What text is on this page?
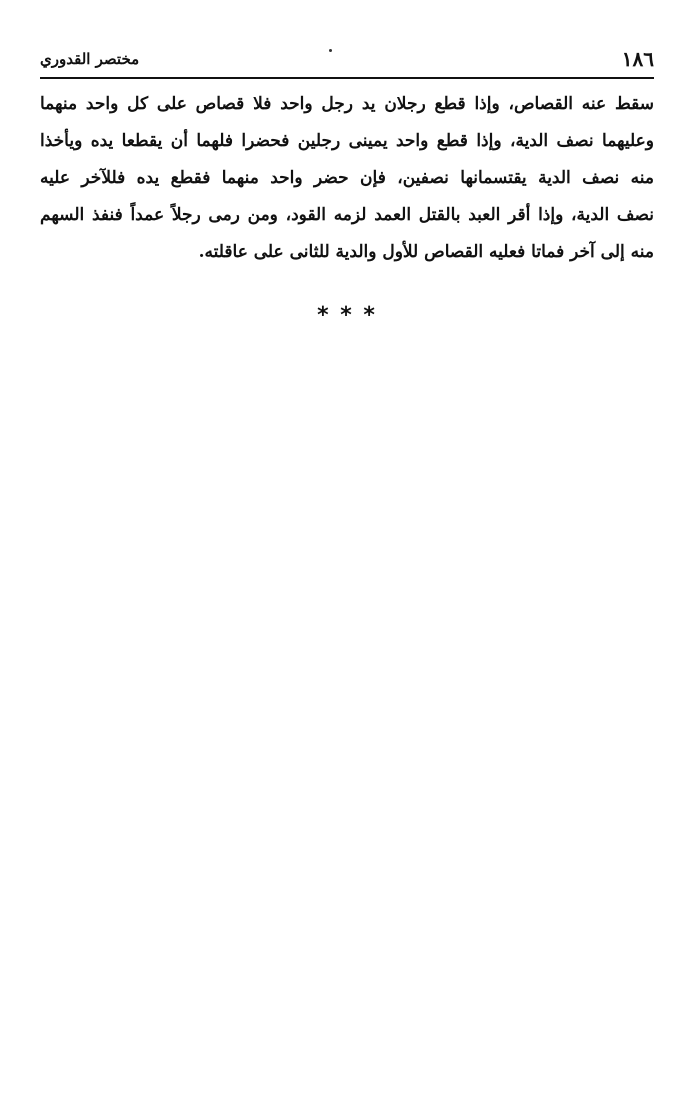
مختصر القدوري	١٨٦
سقط عنه القصاص، وإذا قطع رجلان يد رجل واحد فلا قصاص على كل واحد منهما
وعليهما نصف الدية، وإذا قطع واحد يمينى رجلين فحضرا فلهما أن يقطعا يده ويأخذا
منه نصف الدية يقتسمانها نصفين، فإن حضر واحد منهما فقطع يده فللآخر عليه
نصف الدية، وإذا أقر العبد بالقتل العمد لزمه القود، ومن رمى رجلاً عمداً فنفذ السهم
منه إلى آخر فماتا فعليه القصاص للأول والدية للثانى على عاقلته.
* * *
